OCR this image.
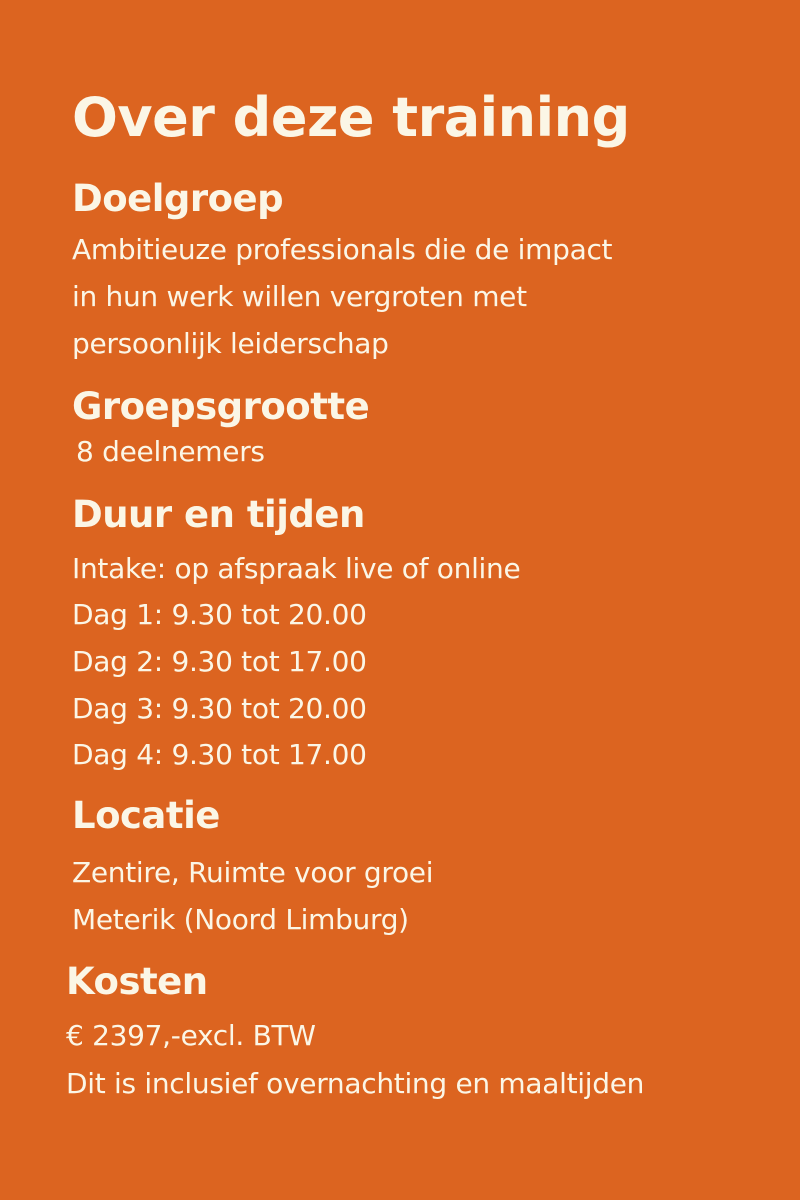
Over deze training
Doelgroep

Ambitieuze professionals die de impact

in hun werk willen vergroten met

persoonlijk leiderschap

Groepsgrootte

8 deelnemers

Duur en tijden

Intake: op afspraak live of online

Dag 1: 9.30 tot 20.00

Dag 2: 9.30 tot 17.00

Dag 3: 9.30 tot 20.00

Dag 4: 9.30 tot 17.00

Locatie

Zentire, Ruimte voor groei

Meterik (Noord Limburg)

Kosten

€ 2397,-excl. BTW

Dit is inclusief overnachting en maaltijden
